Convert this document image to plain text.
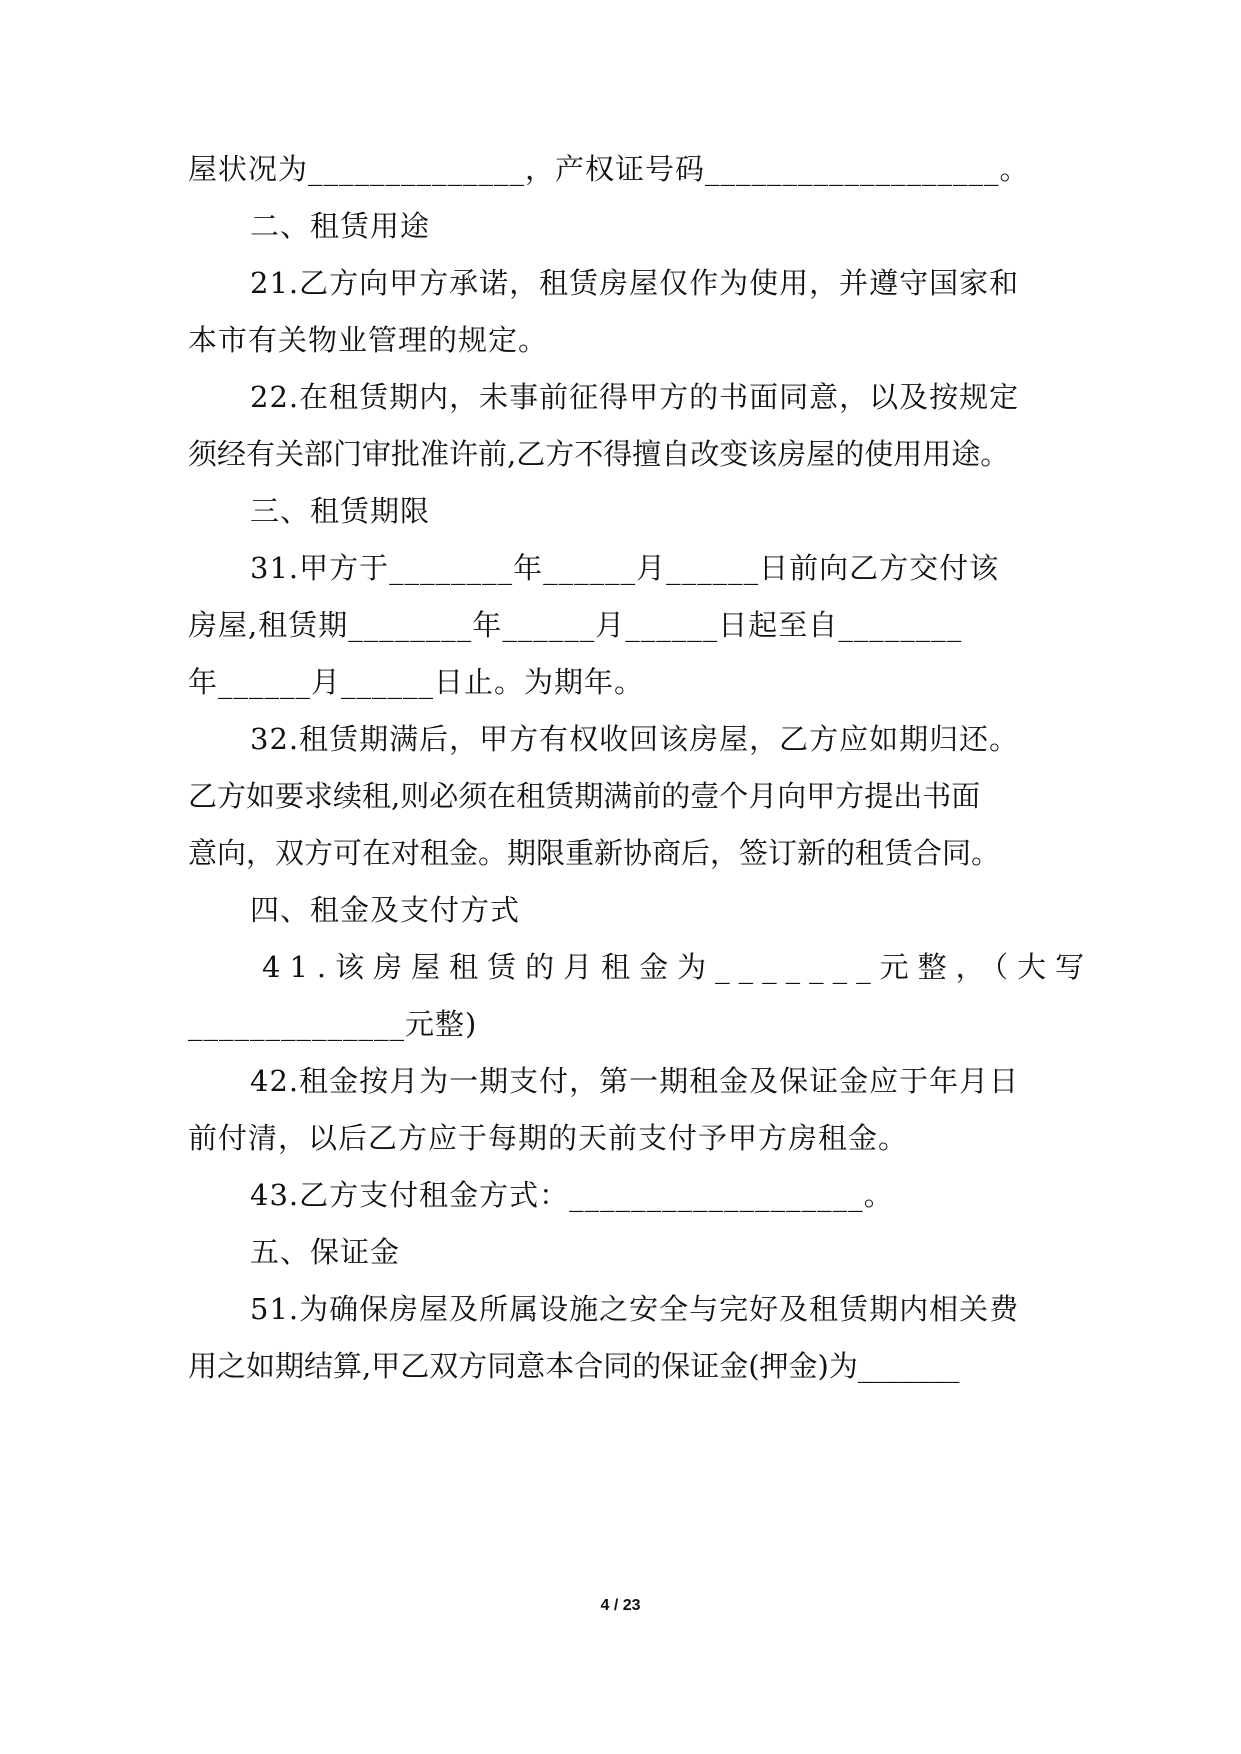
屋状况为______________，产权证号码___________________。
二、租赁用途
21.乙方向甲方承诺，租赁房屋仅作为使用，并遵守国家和
本市有关物业管理的规定。
22.在租赁期内，未事前征得甲方的书面同意，以及按规定
须经有关部门审批准许前,乙方不得擅自改变该房屋的使用用途。
三、租赁期限
31.甲方于________年______月______日前向乙方交付该
房屋,租赁期________年______月______日起至自________
年______月______日止。为期年。
32.租赁期满后，甲方有权收回该房屋，乙方应如期归还。
乙方如要求续租,则必须在租赁期满前的壹个月向甲方提出书面
意向，双方可在对租金。期限重新协商后，签订新的租赁合同。
四、租金及支付方式
41.该房屋租赁的月租金为_______元整，（大写
______________元整)
42.租金按月为一期支付，第一期租金及保证金应于年月日
前付清，以后乙方应于每期的天前支付予甲方房租金。
43.乙方支付租金方式：___________________。
五、保证金
51.为确保房屋及所属设施之安全与完好及租赁期内相关费
用之如期结算,甲乙双方同意本合同的保证金(押金)为_______
4 / 23
